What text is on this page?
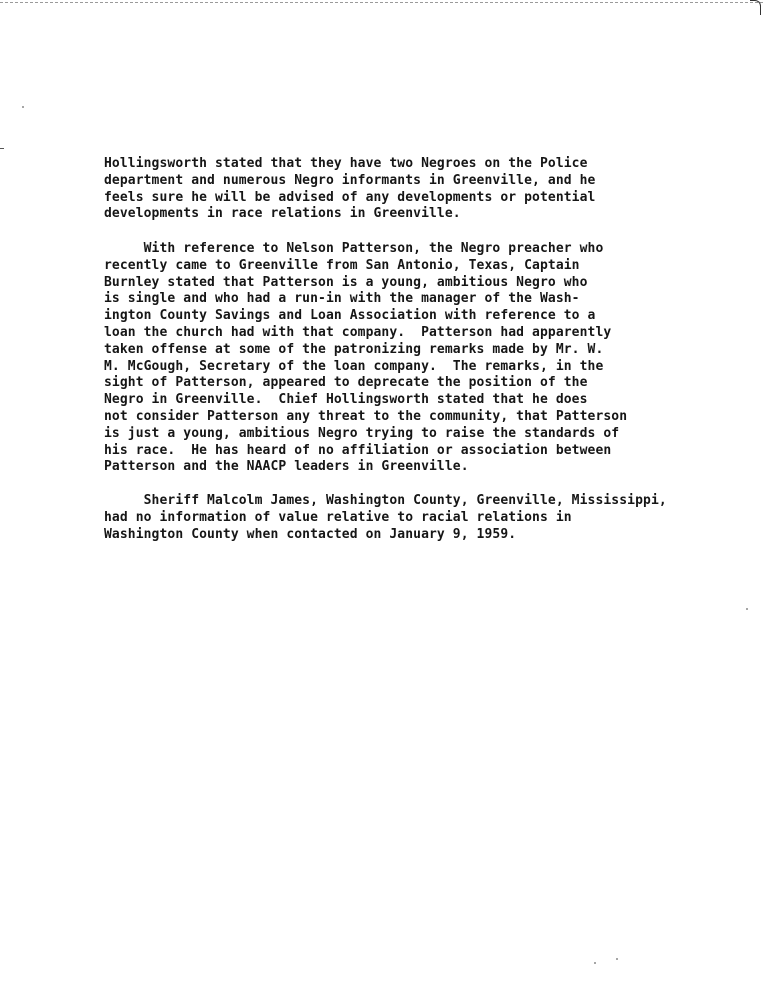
Hollingsworth stated that they have two Negroes on the Police
department and numerous Negro informants in Greenville, and he
feels sure he will be advised of any developments or potential
developments in race relations in Greenville.
With reference to Nelson Patterson, the Negro preacher who
recently came to Greenville from San Antonio, Texas, Captain
Burnley stated that Patterson is a young, ambitious Negro who
is single and who had a run-in with the manager of the Wash-
ington County Savings and Loan Association with reference to a
loan the church had with that company.  Patterson had apparently
taken offense at some of the patronizing remarks made by Mr. W.
M. McGough, Secretary of the loan company.  The remarks, in the
sight of Patterson, appeared to deprecate the position of the
Negro in Greenville.  Chief Hollingsworth stated that he does
not consider Patterson any threat to the community, that Patterson
is just a young, ambitious Negro trying to raise the standards of
his race.  He has heard of no affiliation or association between
Patterson and the NAACP leaders in Greenville.
Sheriff Malcolm James, Washington County, Greenville, Mississippi,
had no information of value relative to racial relations in
Washington County when contacted on January 9, 1959.
